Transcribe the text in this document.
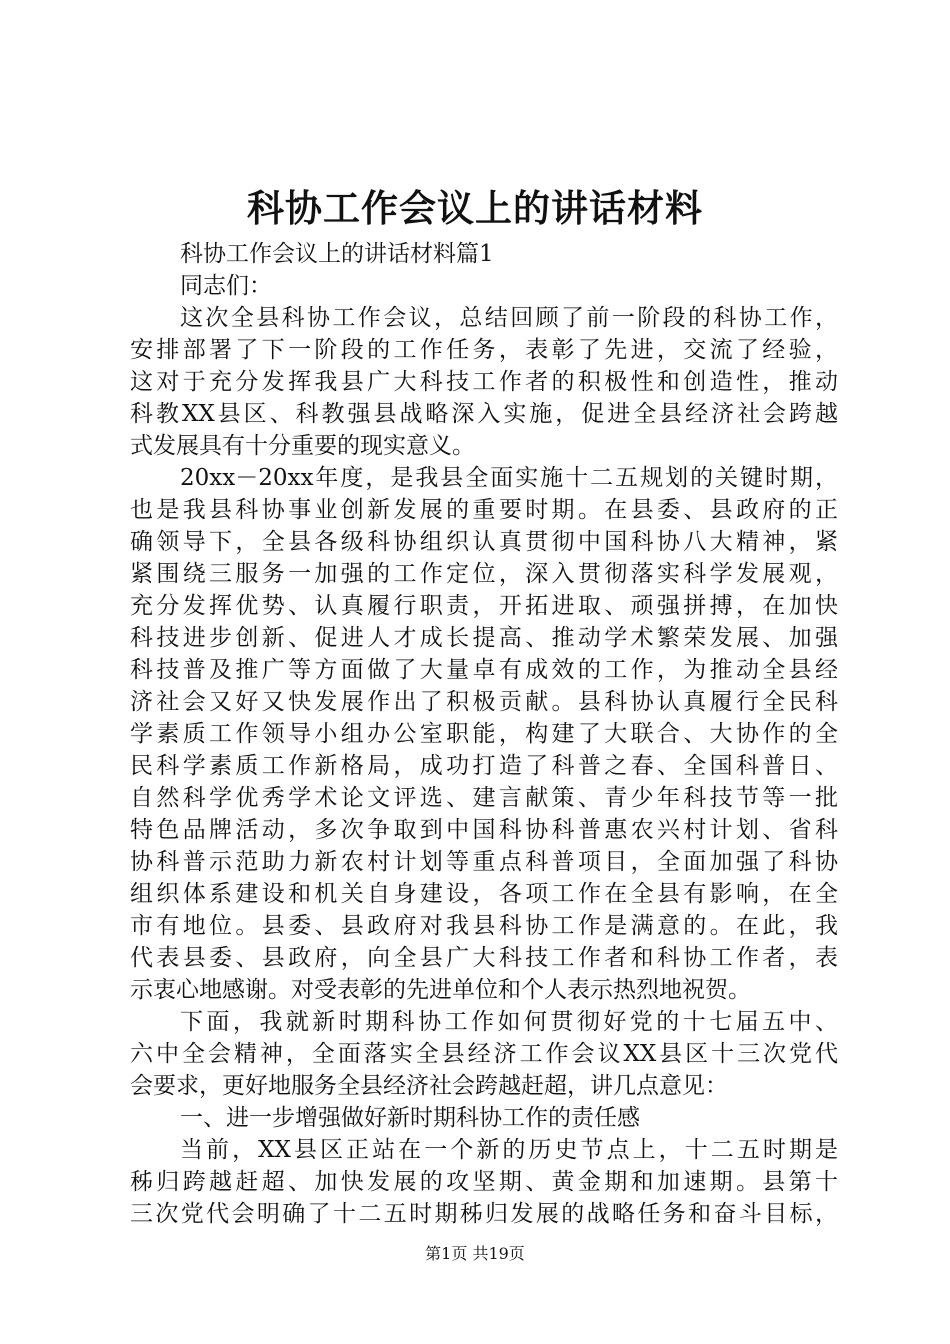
科协工作会议上的讲话材料
科协工作会议上的讲话材料篇1
同志们：
这次全县科协工作会议，总结回顾了前一阶段的科协工作，
安排部署了下一阶段的工作任务，表彰了先进，交流了经验，
这对于充分发挥我县广大科技工作者的积极性和创造性，推动
科教XX县区、科教强县战略深入实施，促进全县经济社会跨越
式发展具有十分重要的现实意义。
20xx－20xx年度，是我县全面实施十二五规划的关键时期，
也是我县科协事业创新发展的重要时期。在县委、县政府的正
确领导下，全县各级科协组织认真贯彻中国科协八大精神，紧
紧围绕三服务一加强的工作定位，深入贯彻落实科学发展观，
充分发挥优势、认真履行职责，开拓进取、顽强拼搏，在加快
科技进步创新、促进人才成长提高、推动学术繁荣发展、加强
科技普及推广等方面做了大量卓有成效的工作，为推动全县经
济社会又好又快发展作出了积极贡献。县科协认真履行全民科
学素质工作领导小组办公室职能，构建了大联合、大协作的全
民科学素质工作新格局，成功打造了科普之春、全国科普日、
自然科学优秀学术论文评选、建言献策、青少年科技节等一批
特色品牌活动，多次争取到中国科协科普惠农兴村计划、省科
协科普示范助力新农村计划等重点科普项目，全面加强了科协
组织体系建设和机关自身建设，各项工作在全县有影响，在全
市有地位。县委、县政府对我县科协工作是满意的。在此，我
代表县委、县政府，向全县广大科技工作者和科协工作者，表
示衷心地感谢。对受表彰的先进单位和个人表示热烈地祝贺。
下面，我就新时期科协工作如何贯彻好党的十七届五中、
六中全会精神，全面落实全县经济工作会议XX县区十三次党代
会要求，更好地服务全县经济社会跨越赶超，讲几点意见：
一、进一步增强做好新时期科协工作的责任感
当前，XX县区正站在一个新的历史节点上，十二五时期是
秭归跨越赶超、加快发展的攻坚期、黄金期和加速期。县第十
三次党代会明确了十二五时期秭归发展的战略任务和奋斗目标，
第1页 共19页
